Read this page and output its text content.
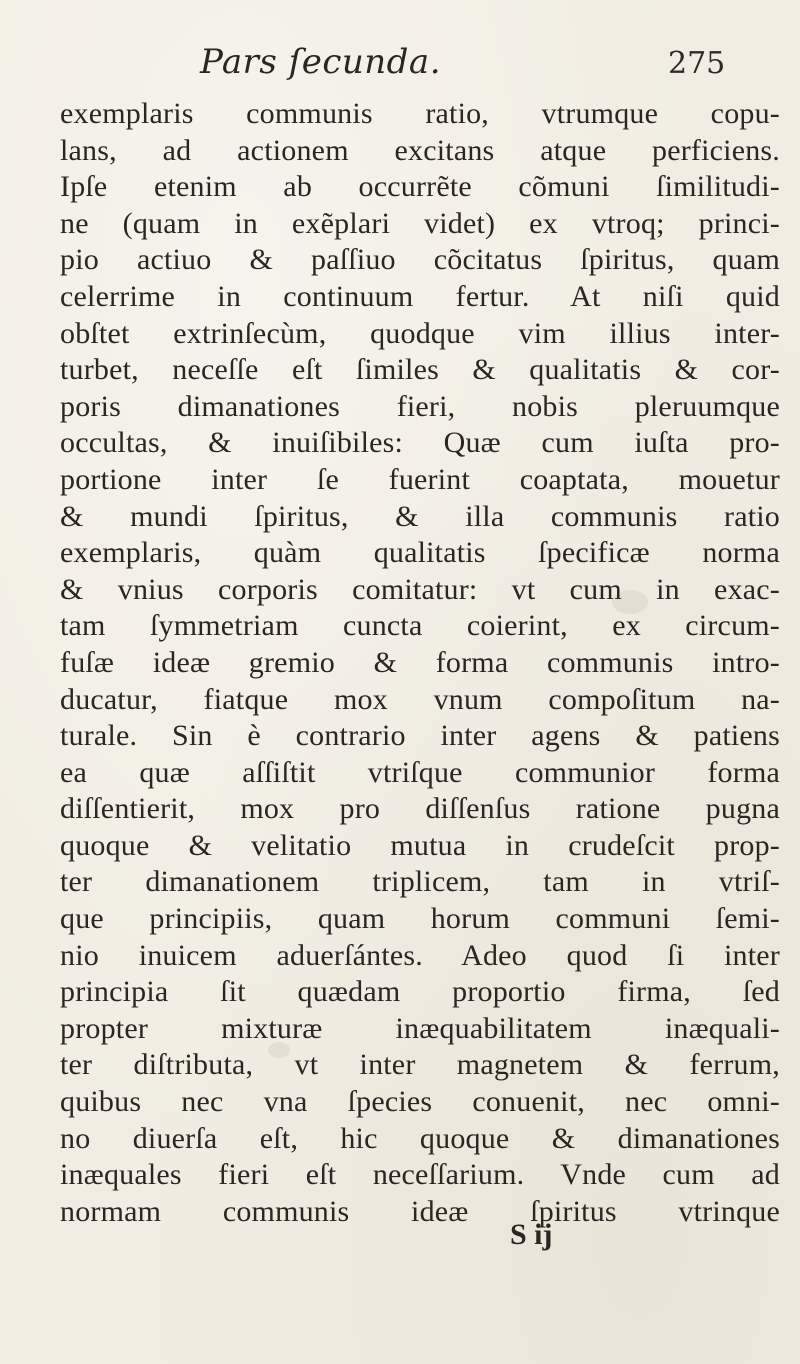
Pars ſecunda.	275
exemplaris communis ratio, vtrumque copu-
lans, ad actionem excitans atque perficiens.
Ipſe etenim ab occurrẽte cõmuni ſimilitudi-
ne (quam in exẽplari videt) ex vtroq; princi-
pio actiuo & paſſiuo cõcitatus ſpiritus, quam
celerrime in continuum fertur. At niſi quid
obſtet extrinſecùm, quodque vim illius inter-
turbet, neceſſe eſt ſimiles & qualitatis & cor-
poris dimanationes fieri, nobis pleruumque
occultas, & inuiſibiles: Quæ cum iuſta pro-
portione inter ſe fuerint coaptata, mouetur
& mundi ſpiritus, & illa communis ratio
exemplaris, quàm qualitatis ſpecificæ norma
& vnius corporis comitatur: vt cum in exac-
tam ſymmetriam cuncta coierint, ex circum-
fuſæ ideæ gremio & forma communis intro-
ducatur, fiatque mox vnum compoſitum na-
turale. Sin è contrario inter agens & patiens
ea quæ aſſiſtit vtriſque communior forma
diſſentierit, mox pro diſſenſus ratione pugna
quoque & velitatio mutua in crudeſcit prop-
ter dimanationem triplicem, tam in vtriſ-
que principiis, quam horum communi ſemi-
nio inuicem aduerſántes. Adeo quod ſi inter
principia ſit quædam proportio firma, ſed
propter mixturæ inæquabilitatem inæquali-
ter diſtributa, vt inter magnetem & ferrum,
quibus nec vna ſpecies conuenit, nec omni-
no diuerſa eſt, hic quoque & dimanationes
inæquales fieri eſt neceſſarium. Vnde cum ad
normam communis ideæ ſpiritus vtrinque
S ij
